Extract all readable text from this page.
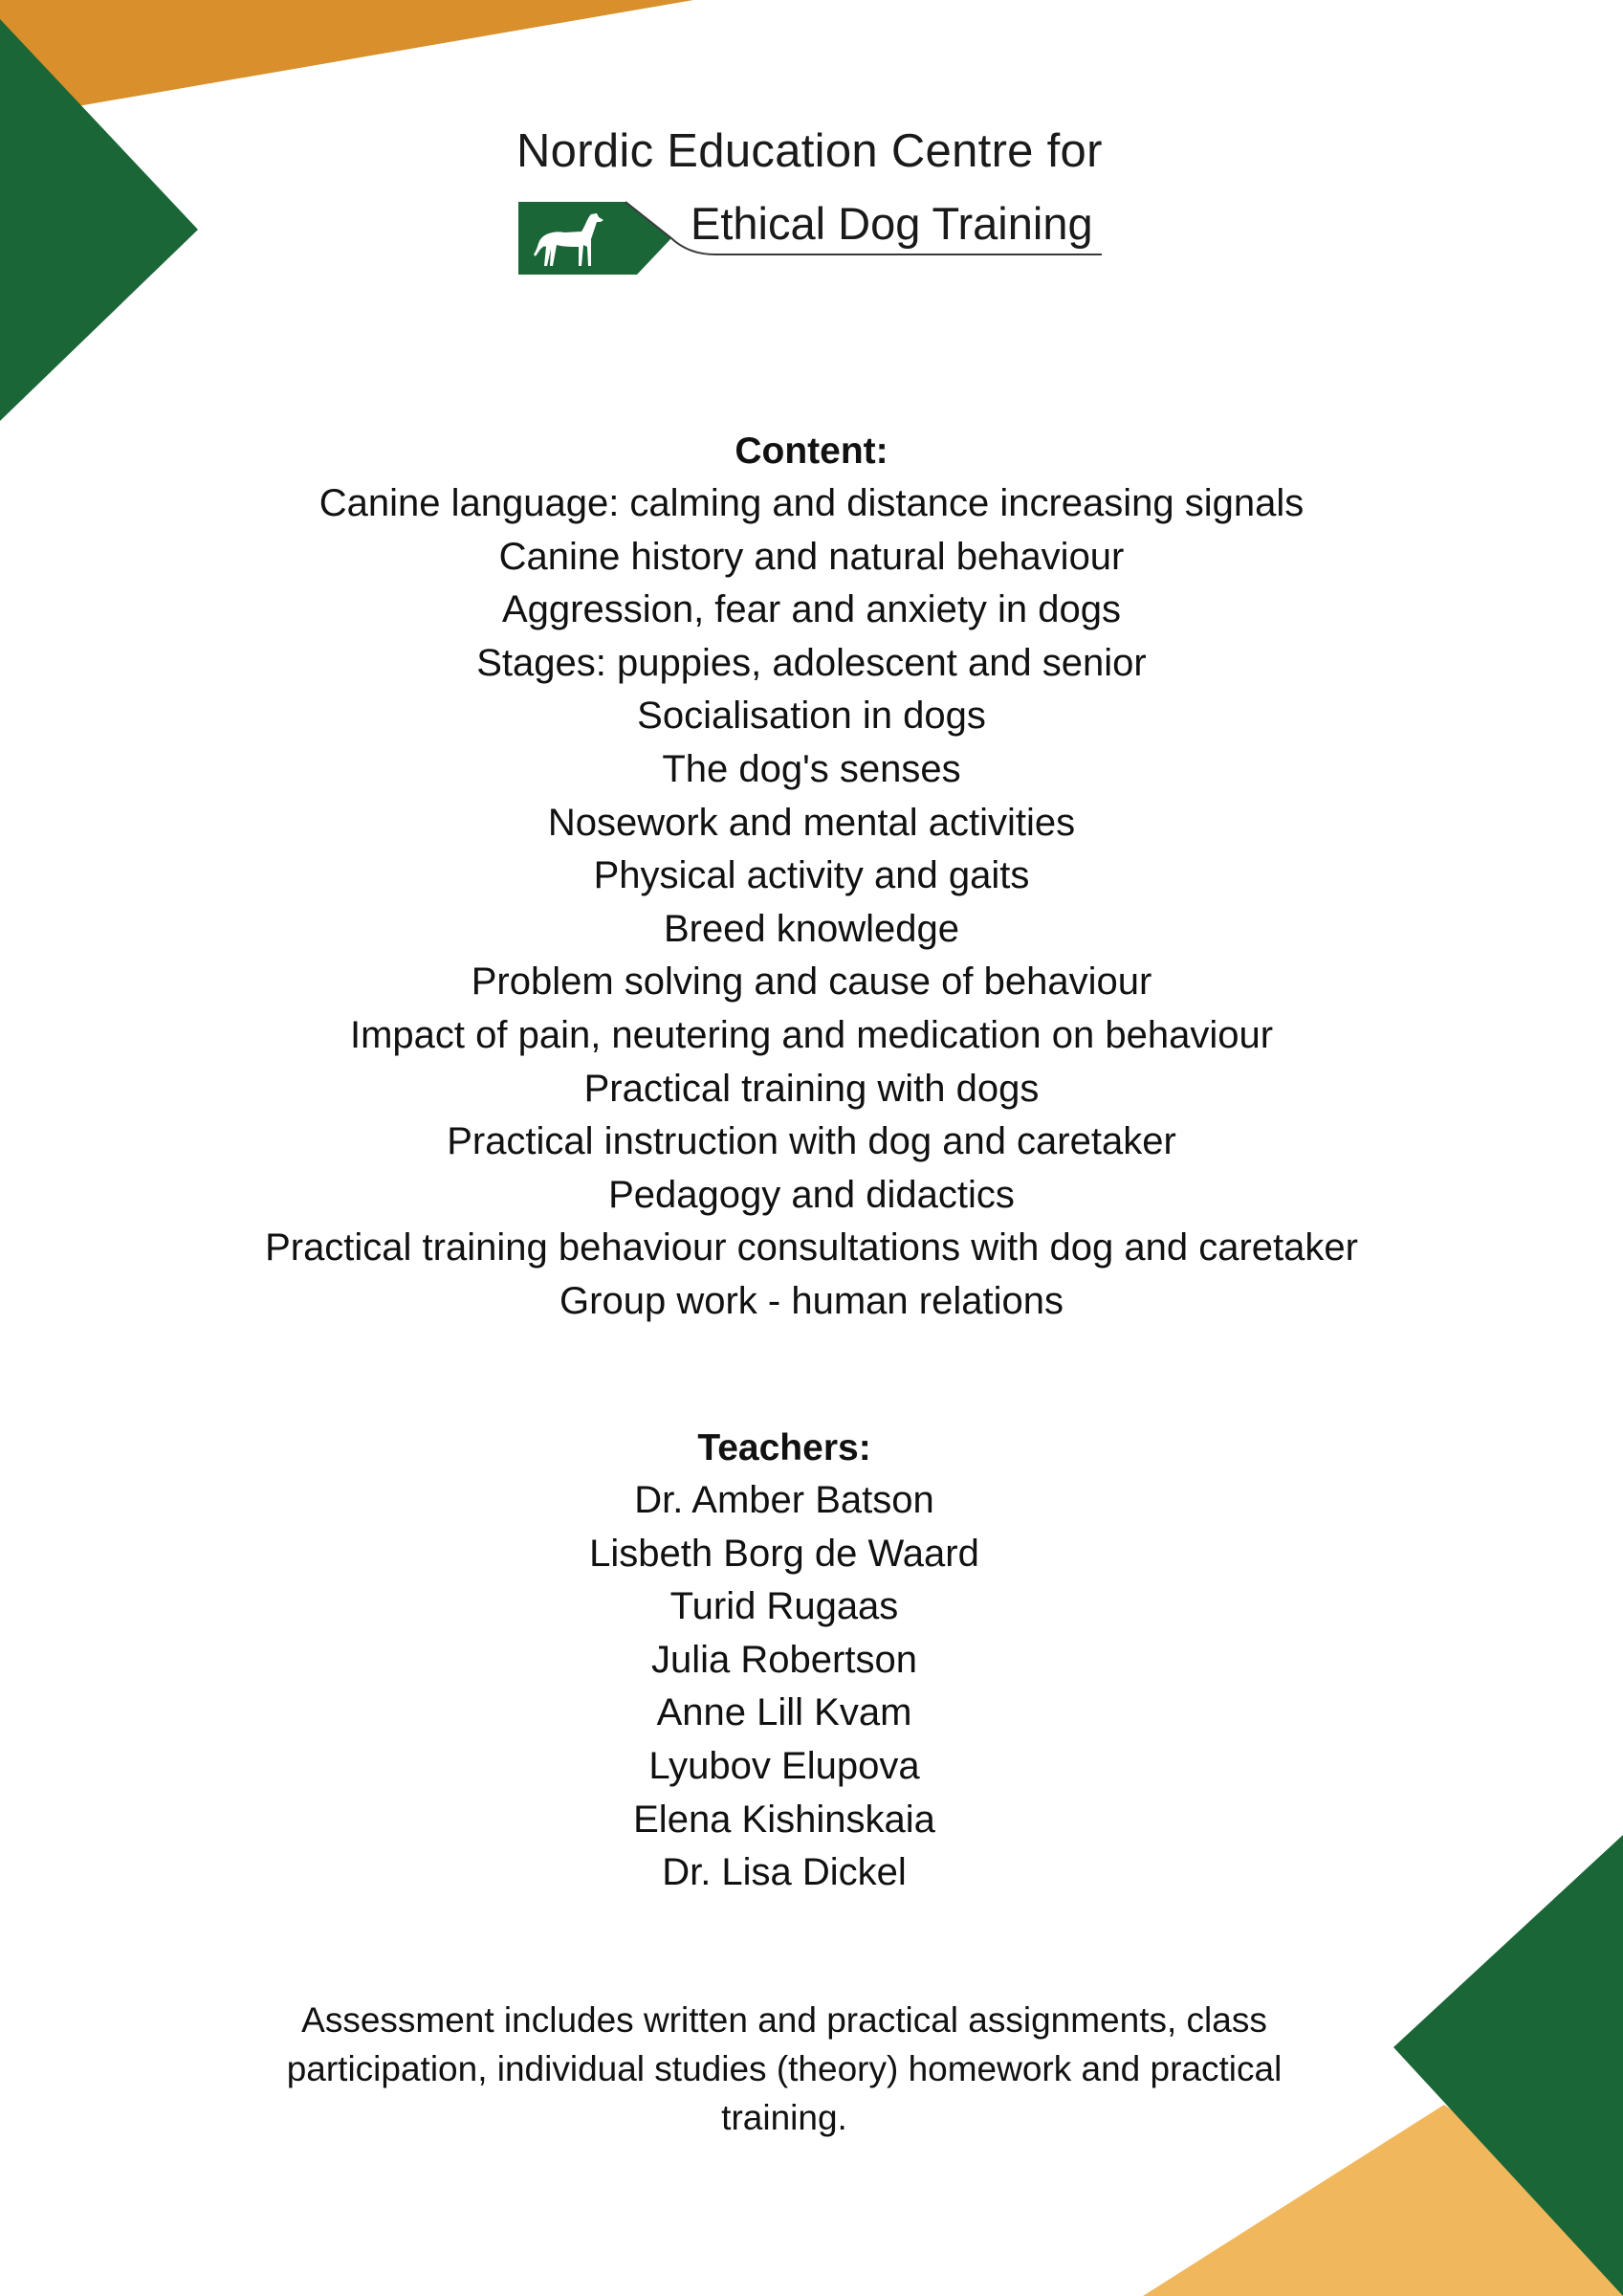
Nordic Education Centre for
Ethical Dog Training
Content:
Canine language: calming and distance increasing signals
Canine history and natural behaviour
Aggression, fear and anxiety in dogs
Stages: puppies, adolescent and senior
Socialisation in dogs
The dog's senses
Nosework and mental activities
Physical activity and gaits
Breed knowledge
Problem solving and cause of behaviour
Impact of pain, neutering and medication on behaviour
Practical training with dogs
Practical instruction with dog and caretaker
Pedagogy and didactics
Practical training behaviour consultations with dog and caretaker
Group work - human relations
Teachers:
Dr. Amber Batson
Lisbeth Borg de Waard
Turid Rugaas
Julia Robertson
Anne Lill Kvam
Lyubov Elupova
Elena Kishinskaia
Dr. Lisa Dickel

Assessment includes written and practical assignments, class participation, individual studies (theory) homework and practical training.
